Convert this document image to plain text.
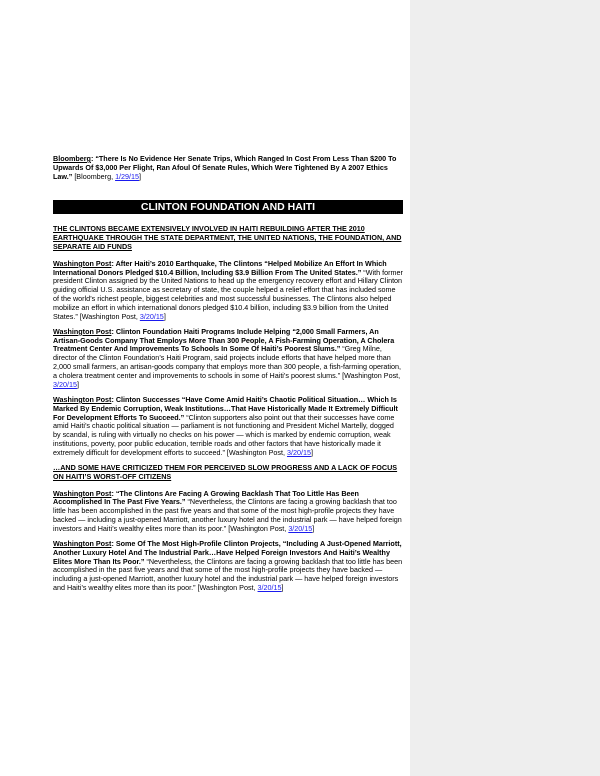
Bloomberg: “There Is No Evidence Her Senate Trips, Which Ranged In Cost From Less Than $200 To Upwards Of $3,000 Per Flight, Ran Afoul Of Senate Rules, Which Were Tightened By A 2007 Ethics Law.” [Bloomberg, 1/29/15]

CLINTON FOUNDATION AND HAITI

THE CLINTONS BECAME EXTENSIVELY INVOLVED IN HAITI REBUILDING AFTER THE 2010 EARTHQUAKE THROUGH THE STATE DEPARTMENT, THE UNITED NATIONS, THE FOUNDATION, AND SEPARATE AID FUNDS

Washington Post: After Haiti’s 2010 Earthquake, The Clintons “Helped Mobilize An Effort In Which International Donors Pledged $10.4 Billion, Including $3.9 Billion From The United States.” “With former president Clinton assigned by the United Nations to head up the emergency recovery effort and Hillary Clinton guiding official U.S. assistance as secretary of state, the couple helped a relief effort that has included some of the world’s richest people, biggest celebrities and most successful businesses. The Clintons also helped mobilize an effort in which international donors pledged $10.4 billion, including $3.9 billion from the United States.” [Washington Post, 3/20/15]

Washington Post: Clinton Foundation Haiti Programs Include Helping “2,000 Small Farmers, An Artisan-Goods Company That Employs More Than 300 People, A Fish-Farming Operation, A Cholera Treatment Center And Improvements To Schools In Some Of Haiti’s Poorest Slums.” “Greg Milne, director of the Clinton Foundation’s Haiti Program, said projects include efforts that have helped more than 2,000 small farmers, an artisan-goods company that employs more than 300 people, a fish-farming operation, a cholera treatment center and improvements to schools in some of Haiti’s poorest slums.” [Washington Post, 3/20/15]

Washington Post: Clinton Successes “Have Come Amid Haiti’s Chaotic Political Situation… Which Is Marked By Endemic Corruption, Weak Institutions…That Have Historically Made It Extremely Difficult For Development Efforts To Succeed.” “Clinton supporters also point out that their successes have come amid Haiti’s chaotic political situation — parliament is not functioning and President Michel Martelly, dogged by scandal, is ruling with virtually no checks on his power — which is marked by endemic corruption, weak institutions, poverty, poor public education, terrible roads and other factors that have historically made it extremely difficult for development efforts to succeed.” [Washington Post, 3/20/15]

…AND SOME HAVE CRITICIZED THEM FOR PERCEIVED SLOW PROGRESS AND A LACK OF FOCUS ON HAITI’S WORST-OFF CITIZENS

Washington Post: “The Clintons Are Facing A Growing Backlash That Too Little Has Been Accomplished In The Past Five Years.” “Nevertheless, the Clintons are facing a growing backlash that too little has been accomplished in the past five years and that some of the most high-profile projects they have backed — including a just-opened Marriott, another luxury hotel and the industrial park — have helped foreign investors and Haiti’s wealthy elites more than its poor.” [Washington Post, 3/20/15]

Washington Post: Some Of The Most High-Profile Clinton Projects, “Including A Just-Opened Marriott, Another Luxury Hotel And The Industrial Park…Have Helped Foreign Investors And Haiti’s Wealthy Elites More Than Its Poor.” “Nevertheless, the Clintons are facing a growing backlash that too little has been accomplished in the past five years and that some of the most high-profile projects they have backed — including a just-opened Marriott, another luxury hotel and the industrial park — have helped foreign investors and Haiti’s wealthy elites more than its poor.” [Washington Post, 3/20/15]
